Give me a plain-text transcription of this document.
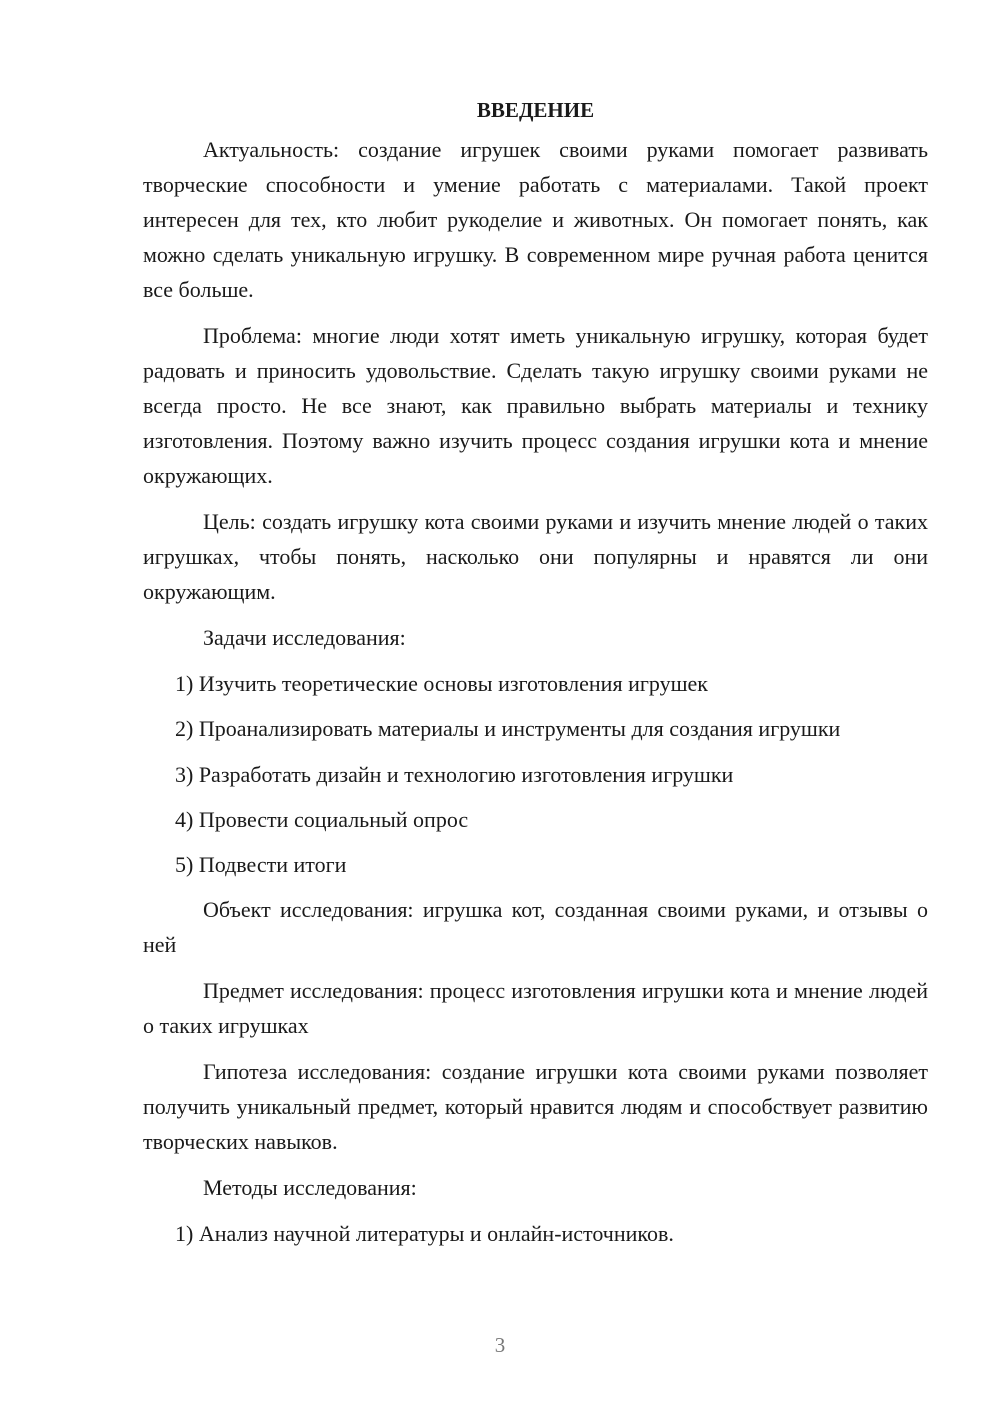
ВВЕДЕНИЕ

Актуальность: создание игрушек своими руками помогает развивать творческие способности и умение работать с материалами. Такой проект интересен для тех, кто любит рукоделие и животных. Он помогает понять, как можно сделать уникальную игрушку. В современном мире ручная работа ценится все больше.

Проблема: многие люди хотят иметь уникальную игрушку, которая будет радовать и приносить удовольствие. Сделать такую игрушку своими руками не всегда просто. Не все знают, как правильно выбрать материалы и технику изготовления. Поэтому важно изучить процесс создания игрушки кота и мнение окружающих.

Цель: создать игрушку кота своими руками и изучить мнение людей о таких игрушках, чтобы понять, насколько они популярны и нравятся ли они окружающим.

Задачи исследования:

1) Изучить теоретические основы изготовления игрушек

2) Проанализировать материалы и инструменты для создания игрушки

3) Разработать дизайн и технологию изготовления игрушки

4) Провести социальный опрос

5) Подвести итоги

Объект исследования: игрушка кот, созданная своими руками, и отзывы о ней

Предмет исследования: процесс изготовления игрушки кота и мнение людей о таких игрушках

Гипотеза исследования: создание игрушки кота своими руками позволяет получить уникальный предмет, который нравится людям и способствует развитию творческих навыков.

Методы исследования:

1) Анализ научной литературы и онлайн-источников.

3
